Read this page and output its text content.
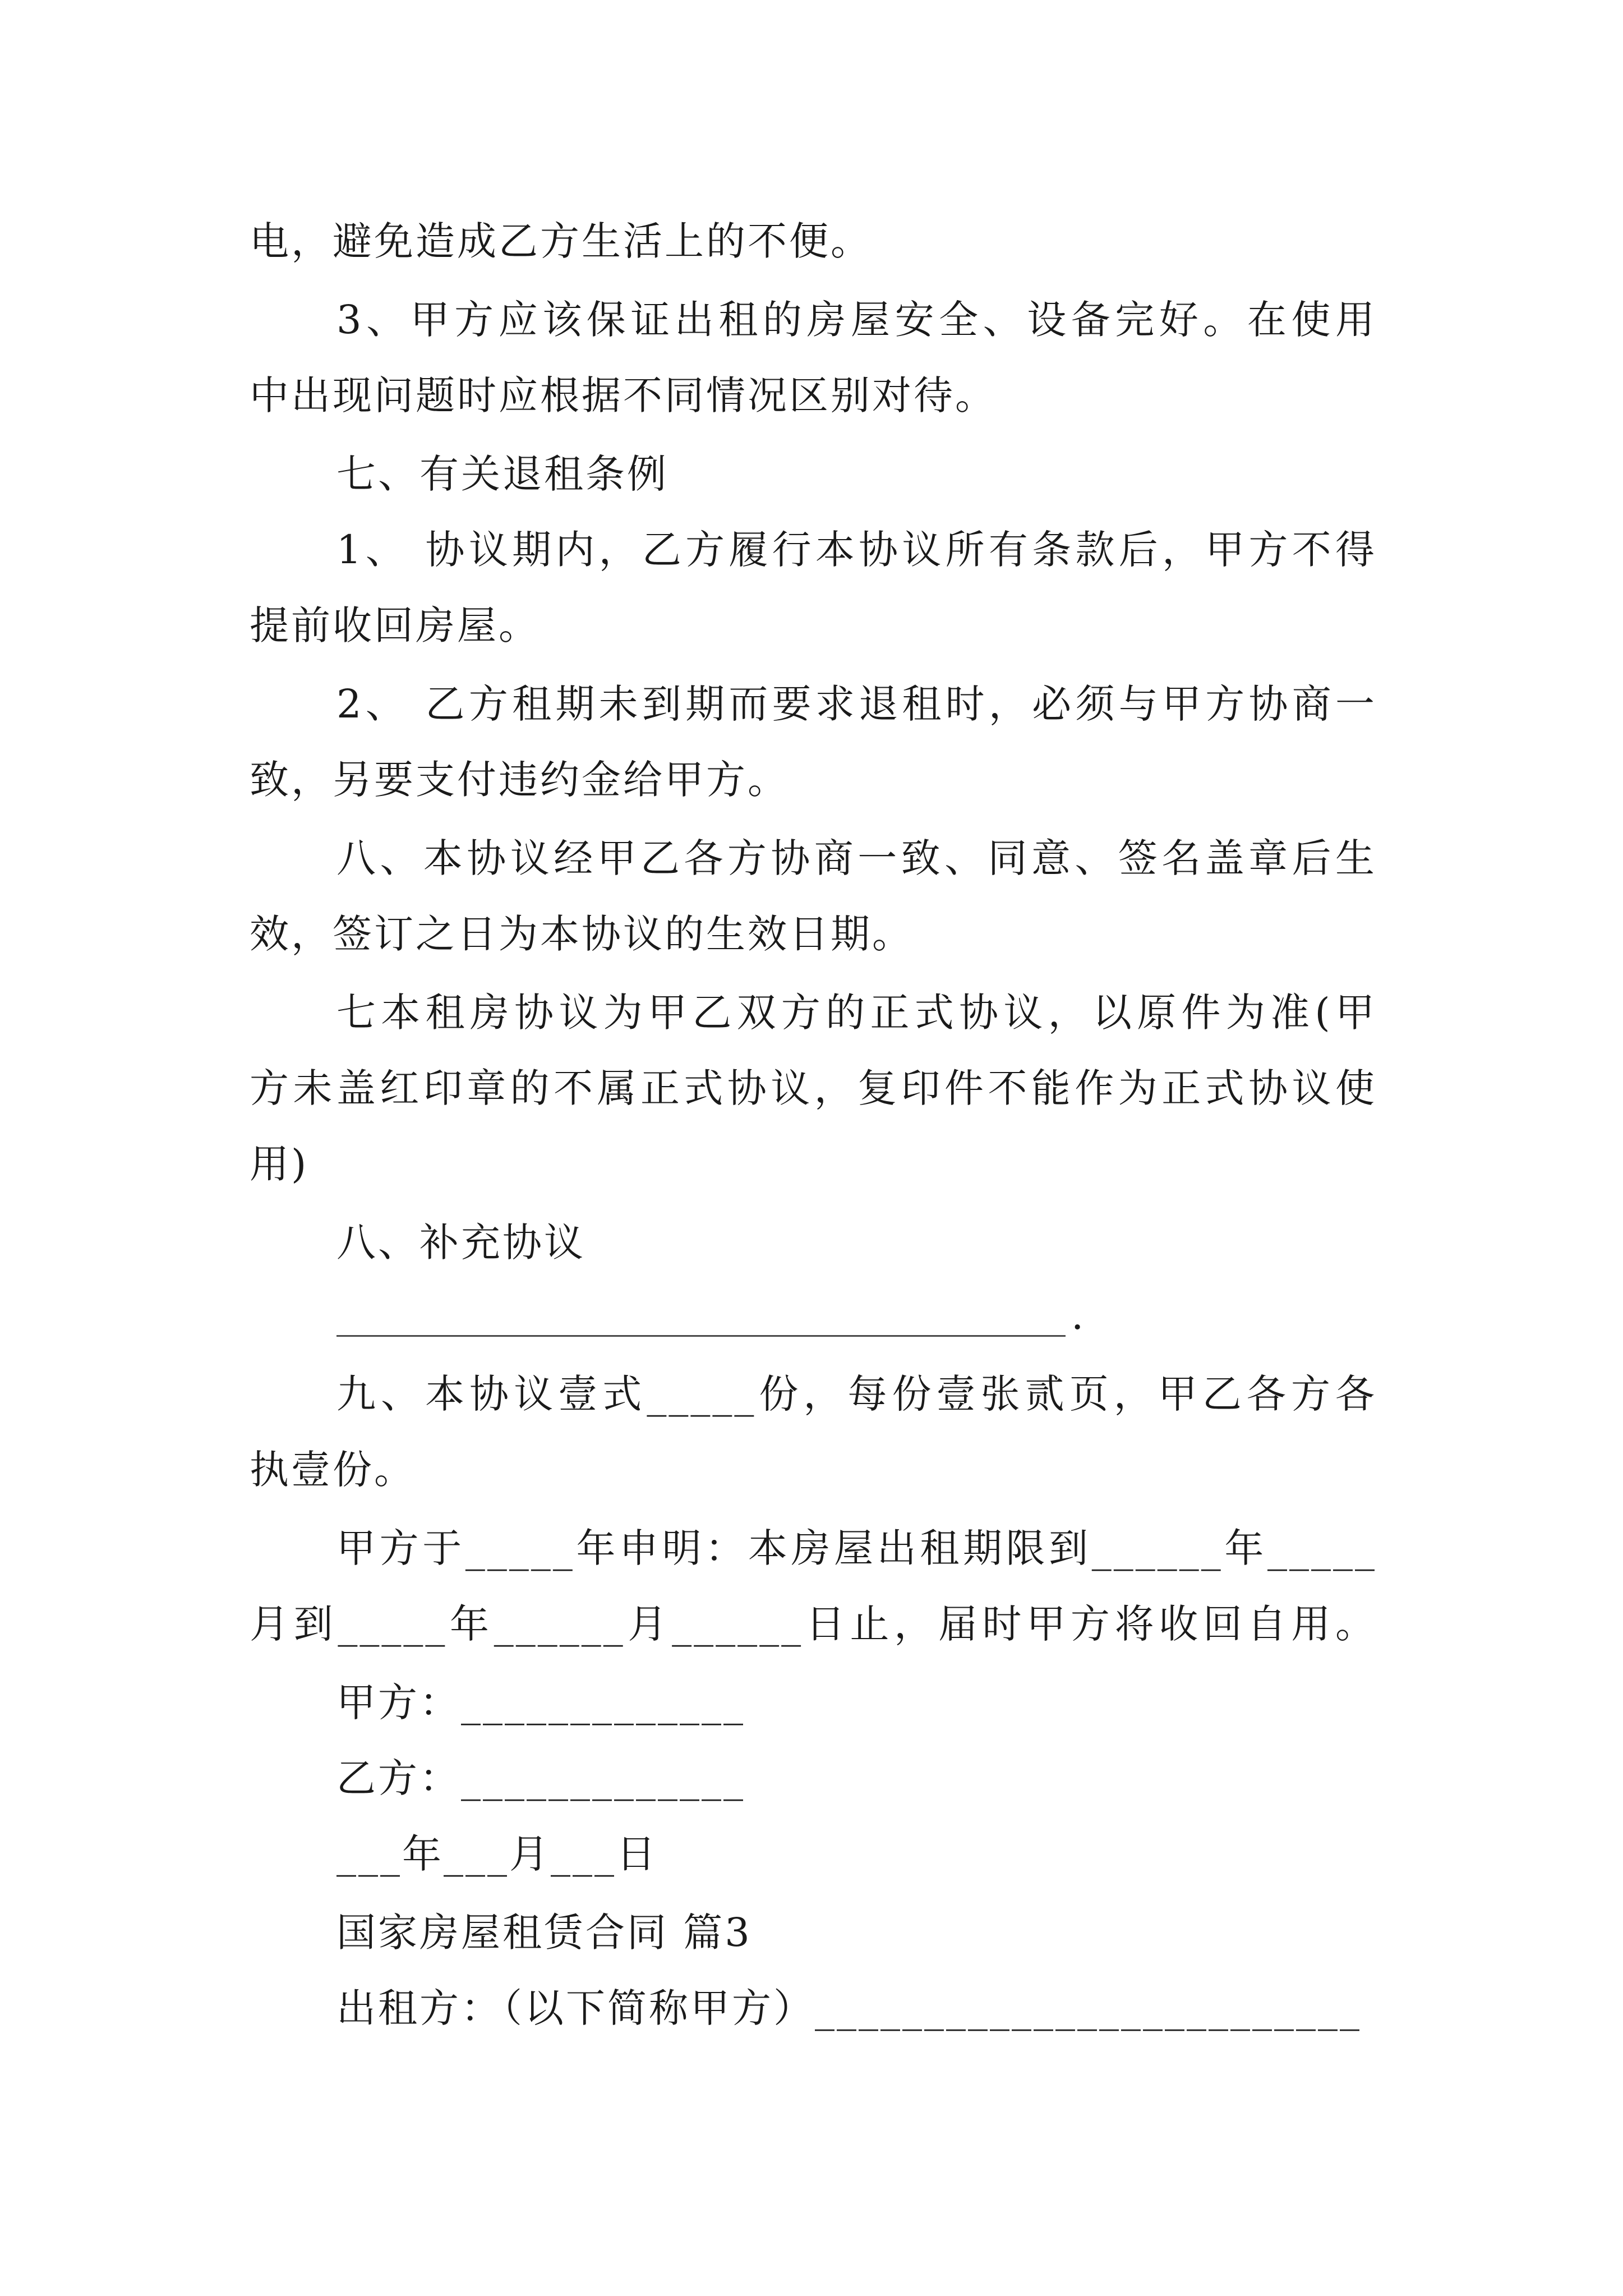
电，避免造成乙方生活上的不便。
3、甲方应该保证出租的房屋安全、设备完好。在使用
中出现问题时应根据不同情况区别对待。
七、有关退租条例
1、 协议期内，乙方履行本协议所有条款后，甲方不得
提前收回房屋。
2、 乙方租期未到期而要求退租时，必须与甲方协商一
致，另要支付违约金给甲方。
八、本协议经甲乙各方协商一致、同意、签名盖章后生
效，签订之日为本协议的生效日期。
七本租房协议为甲乙双方的正式协议，以原件为准(甲
方未盖红印章的不属正式协议，复印件不能作为正式协议使
用)
八、补充协议
.
九、本协议壹式_____份，每份壹张贰页，甲乙各方各
执壹份。
甲方于_____年申明：本房屋出租期限到______年_____
月到_____年______月______日止，届时甲方将收回自用。
甲方：_____________
乙方：_____________
___年___月___日
国家房屋租赁合同 篇3
出租方：（以下简称甲方）_________________________
